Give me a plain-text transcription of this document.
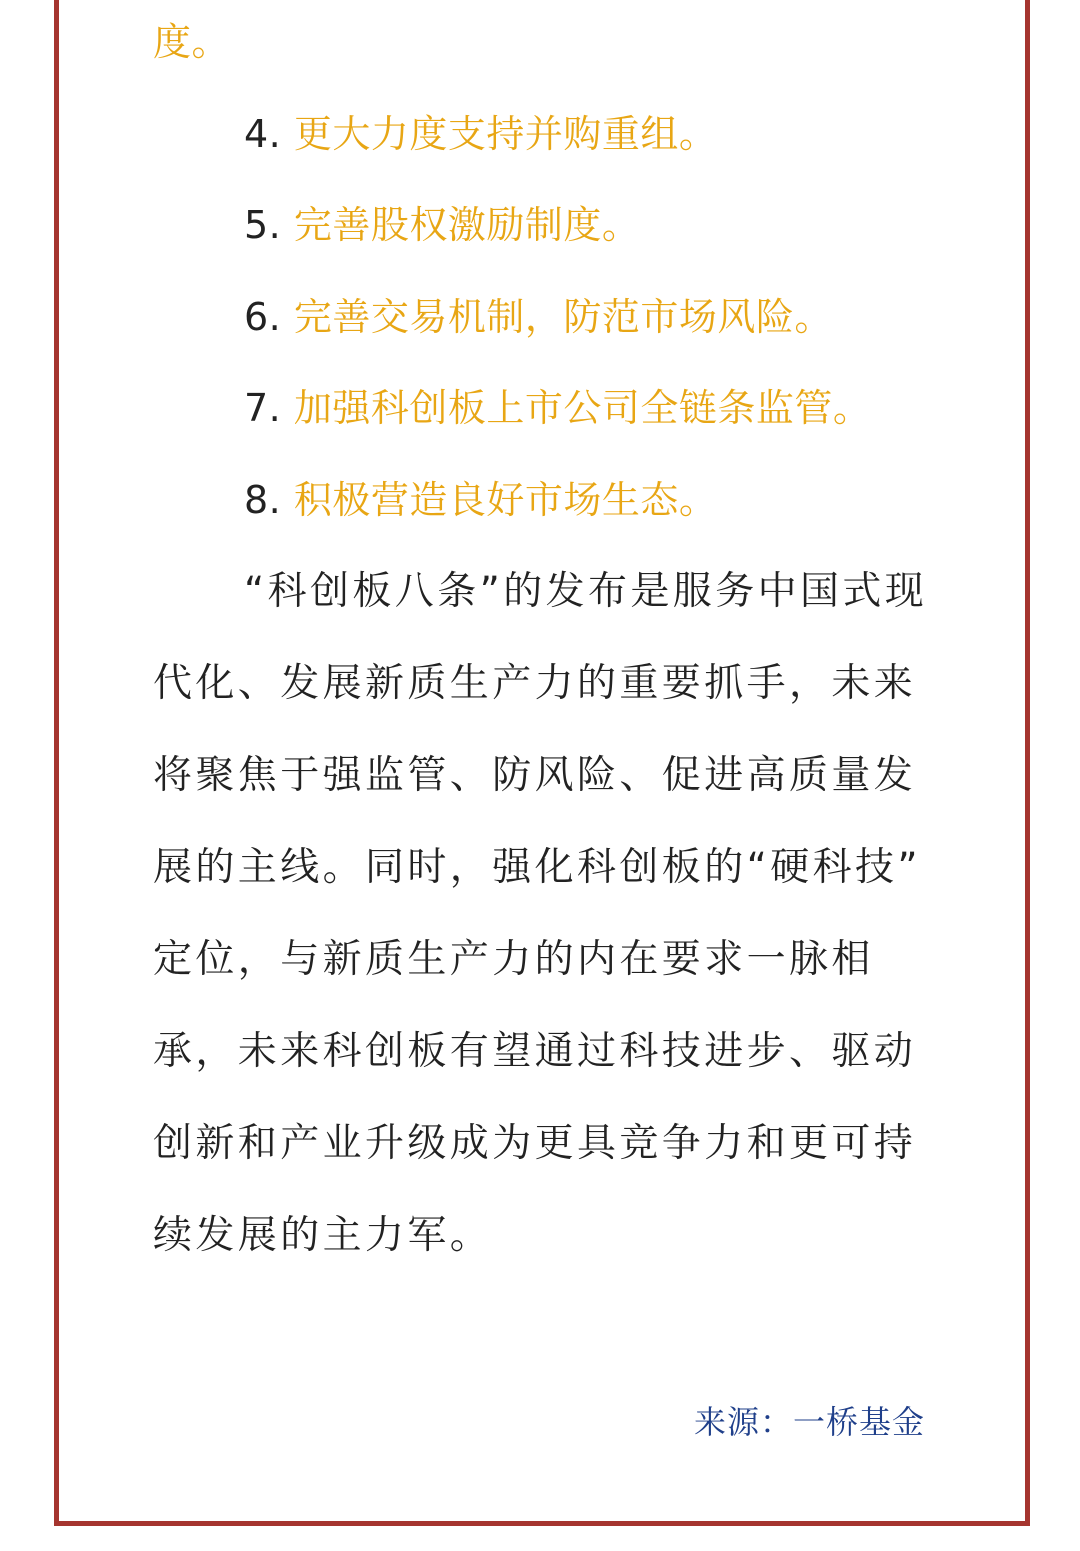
度。
4. 更大力度支持并购重组。
5. 完善股权激励制度。
6. 完善交易机制，防范市场风险。
7. 加强科创板上市公司全链条监管。
8. 积极营造良好市场生态。
“科创板八条”的发布是服务中国式现
代化、发展新质生产力的重要抓手，未来
将聚焦于强监管、防风险、促进高质量发
展的主线。同时，强化科创板的“硬科技”
定位，与新质生产力的内在要求一脉相
承，未来科创板有望通过科技进步、驱动
创新和产业升级成为更具竞争力和更可持
续发展的主力军。
来源：一桥基金
